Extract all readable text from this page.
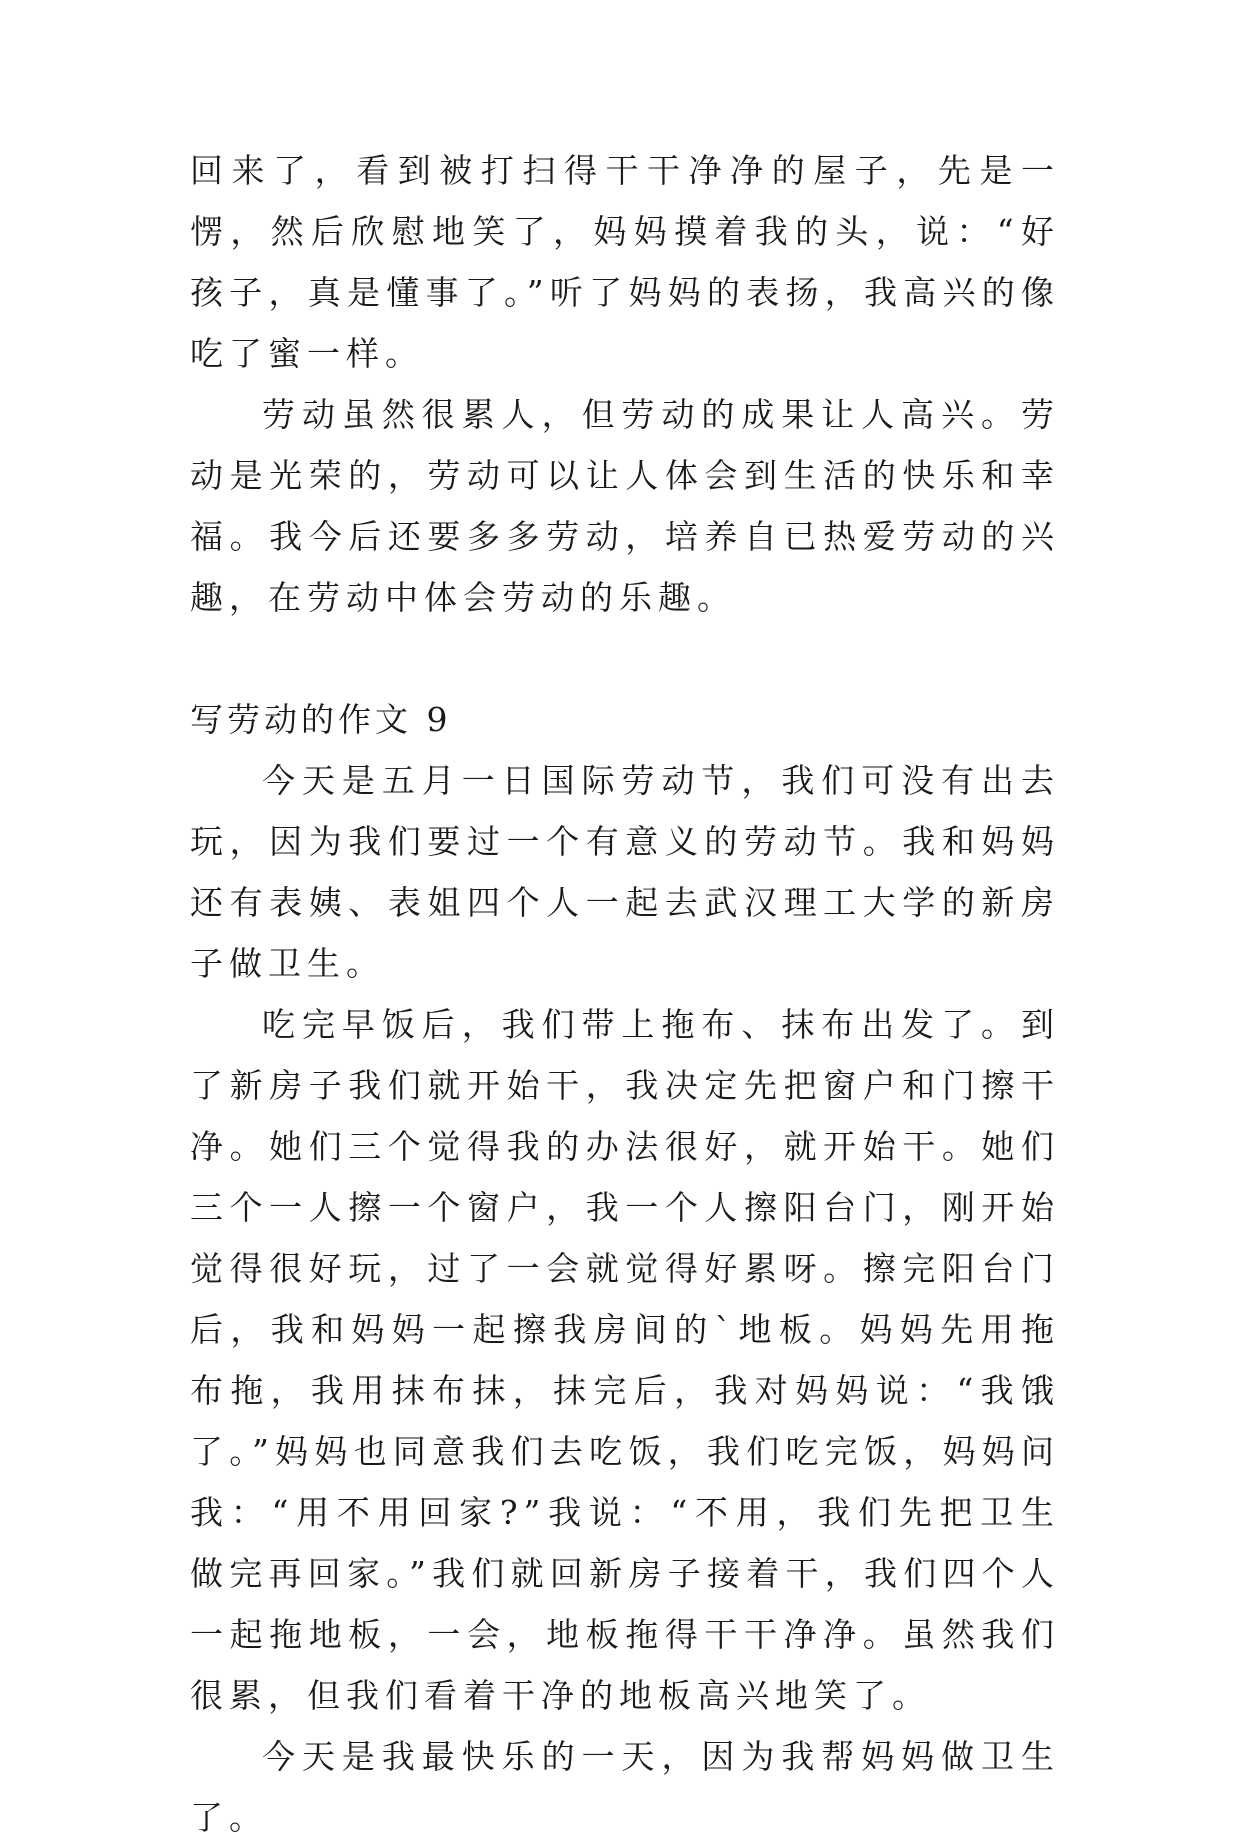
回来了，看到被打扫得干干净净的屋子，先是一愣，然后欣慰地笑了，妈妈摸着我的头，说：“好孩子，真是懂事了。”听了妈妈的表扬，我高兴的像吃了蜜一样。

劳动虽然很累人，但劳动的成果让人高兴。劳动是光荣的，劳动可以让人体会到生活的快乐和幸福。我今后还要多多劳动，培养自已热爱劳动的兴趣，在劳动中体会劳动的乐趣。

写劳动的作文 9

今天是五月一日国际劳动节，我们可没有出去玩，因为我们要过一个有意义的劳动节。我和妈妈还有表姨、表姐四个人一起去武汉理工大学的新房子做卫生。

吃完早饭后，我们带上拖布、抹布出发了。到了新房子我们就开始干，我决定先把窗户和门擦干净。她们三个觉得我的办法很好，就开始干。她们三个一人擦一个窗户，我一个人擦阳台门，刚开始觉得很好玩，过了一会就觉得好累呀。擦完阳台门后，我和妈妈一起擦我房间的`地板。妈妈先用拖布拖，我用抹布抹，抹完后，我对妈妈说：“我饿了。”妈妈也同意我们去吃饭，我们吃完饭，妈妈问我：“用不用回家?”我说：“不用，我们先把卫生做完再回家。”我们就回新房子接着干，我们四个人一起拖地板，一会，地板拖得干干净净。虽然我们很累，但我们看着干净的地板高兴地笑了。

今天是我最快乐的一天，因为我帮妈妈做卫生了。
